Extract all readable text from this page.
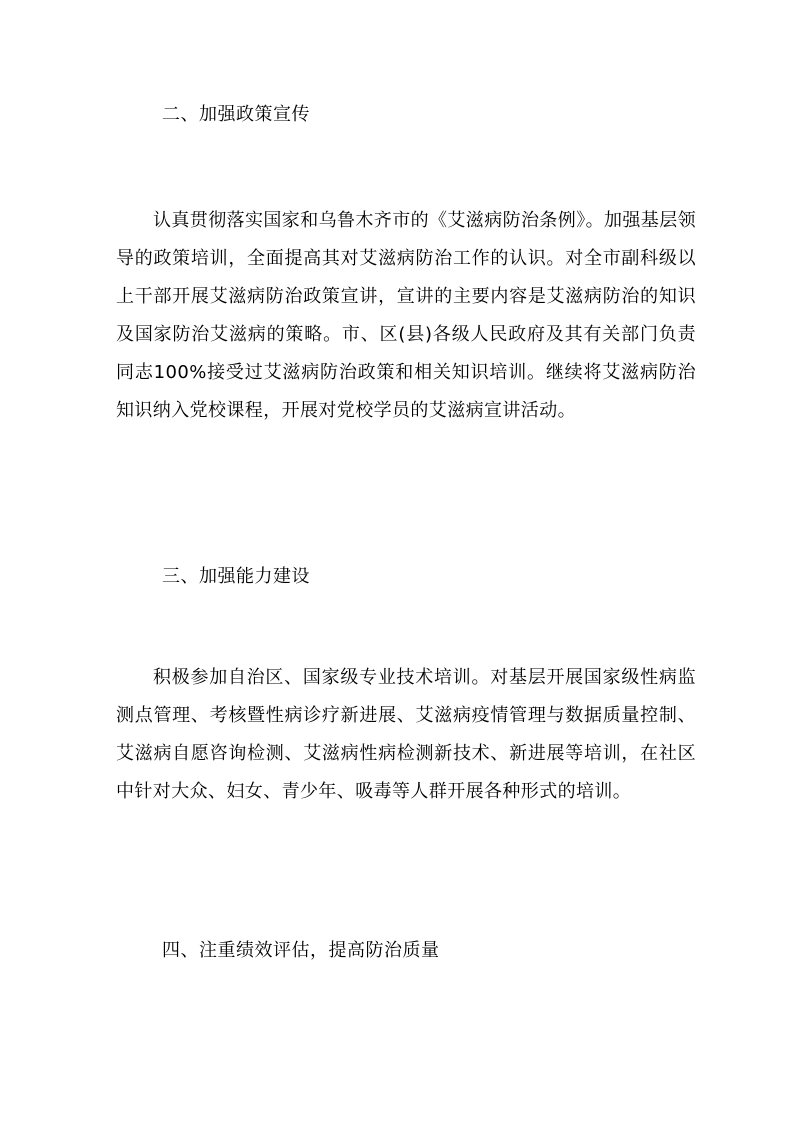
二、加强政策宣传

认真贯彻落实国家和乌鲁木齐市的《艾滋病防治条例》。加强基层领导的政策培训，全面提高其对艾滋病防治工作的认识。对全市副科级以上干部开展艾滋病防治政策宣讲，宣讲的主要内容是艾滋病防治的知识及国家防治艾滋病的策略。市、区(县)各级人民政府及其有关部门负责同志100%接受过艾滋病防治政策和相关知识培训。继续将艾滋病防治知识纳入党校课程，开展对党校学员的艾滋病宣讲活动。

三、加强能力建设

积极参加自治区、国家级专业技术培训。对基层开展国家级性病监测点管理、考核暨性病诊疗新进展、艾滋病疫情管理与数据质量控制、艾滋病自愿咨询检测、艾滋病性病检测新技术、新进展等培训，在社区中针对大众、妇女、青少年、吸毒等人群开展各种形式的培训。

四、注重绩效评估，提高防治质量
